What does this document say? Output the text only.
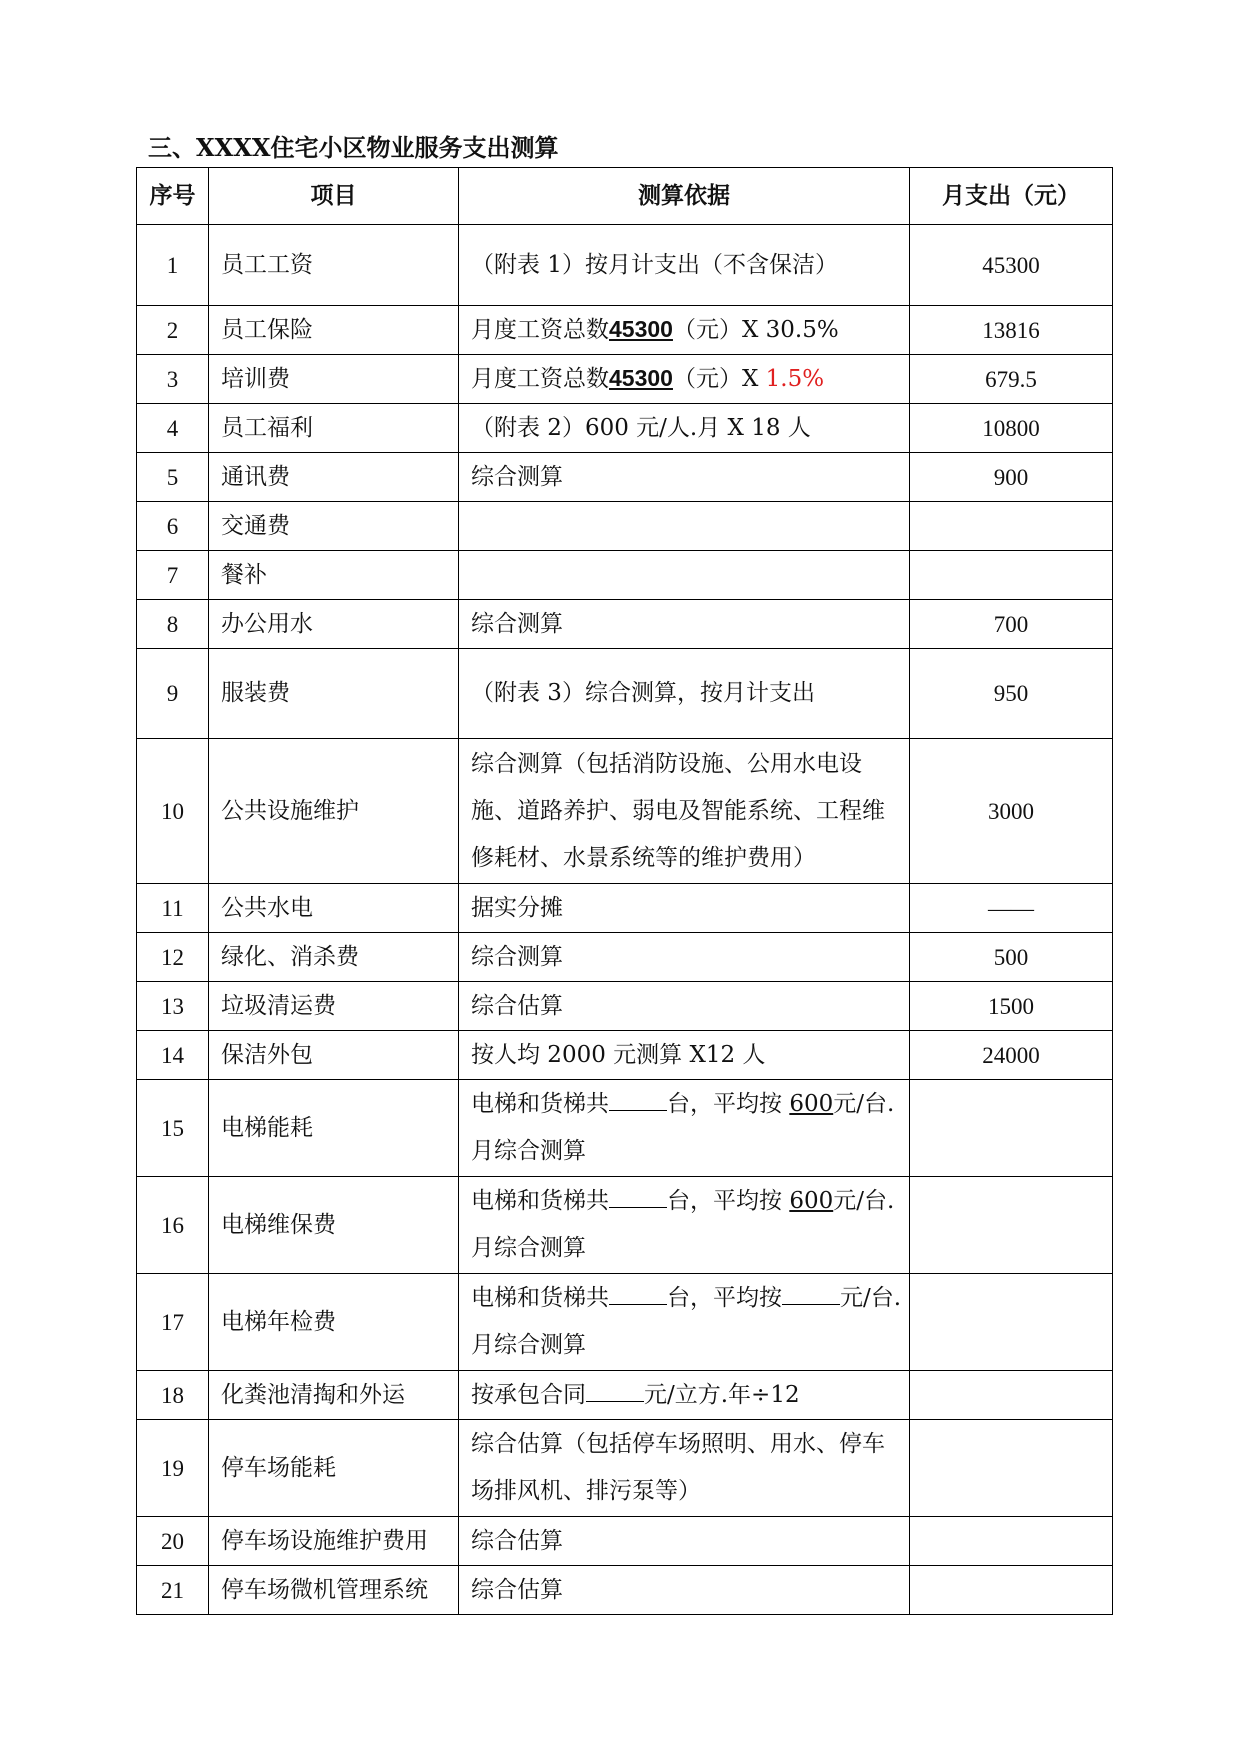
三、XXXX住宅小区物业服务支出测算
序号	项目	测算依据	月支出（元）
1	员工工资	（附表 1）按月计支出（不含保洁）	45300
2	员工保险	月度工资总数45300（元）X 30.5%	13816
3	培训费	月度工资总数45300（元）X 1.5%	679.5
4	员工福利	（附表 2）600 元/人.月 X 18 人	10800
5	通讯费	综合测算	900
6	交通费		
7	餐补		
8	办公用水	综合测算	700
9	服装费	（附表 3）综合测算，按月计支出	950
10	公共设施维护	综合测算（包括消防设施、公用水电设施、道路养护、弱电及智能系统、工程维修耗材、水景系统等的维护费用）	3000
11	公共水电	据实分摊	——
12	绿化、消杀费	综合测算	500
13	垃圾清运费	综合估算	1500
14	保洁外包	按人均 2000 元测算 X12 人	24000
15	电梯能耗	电梯和货梯共 台，平均按 600元/台.月综合测算	
16	电梯维保费	电梯和货梯共 台，平均按 600元/台.月综合测算	
17	电梯年检费	电梯和货梯共 台，平均按 元/台.月综合测算	
18	化粪池清掏和外运	按承包合同 元/立方.年÷12	
19	停车场能耗	综合估算（包括停车场照明、用水、停车场排风机、排污泵等）	
20	停车场设施维护费用	综合估算	
21	停车场微机管理系统	综合估算	
